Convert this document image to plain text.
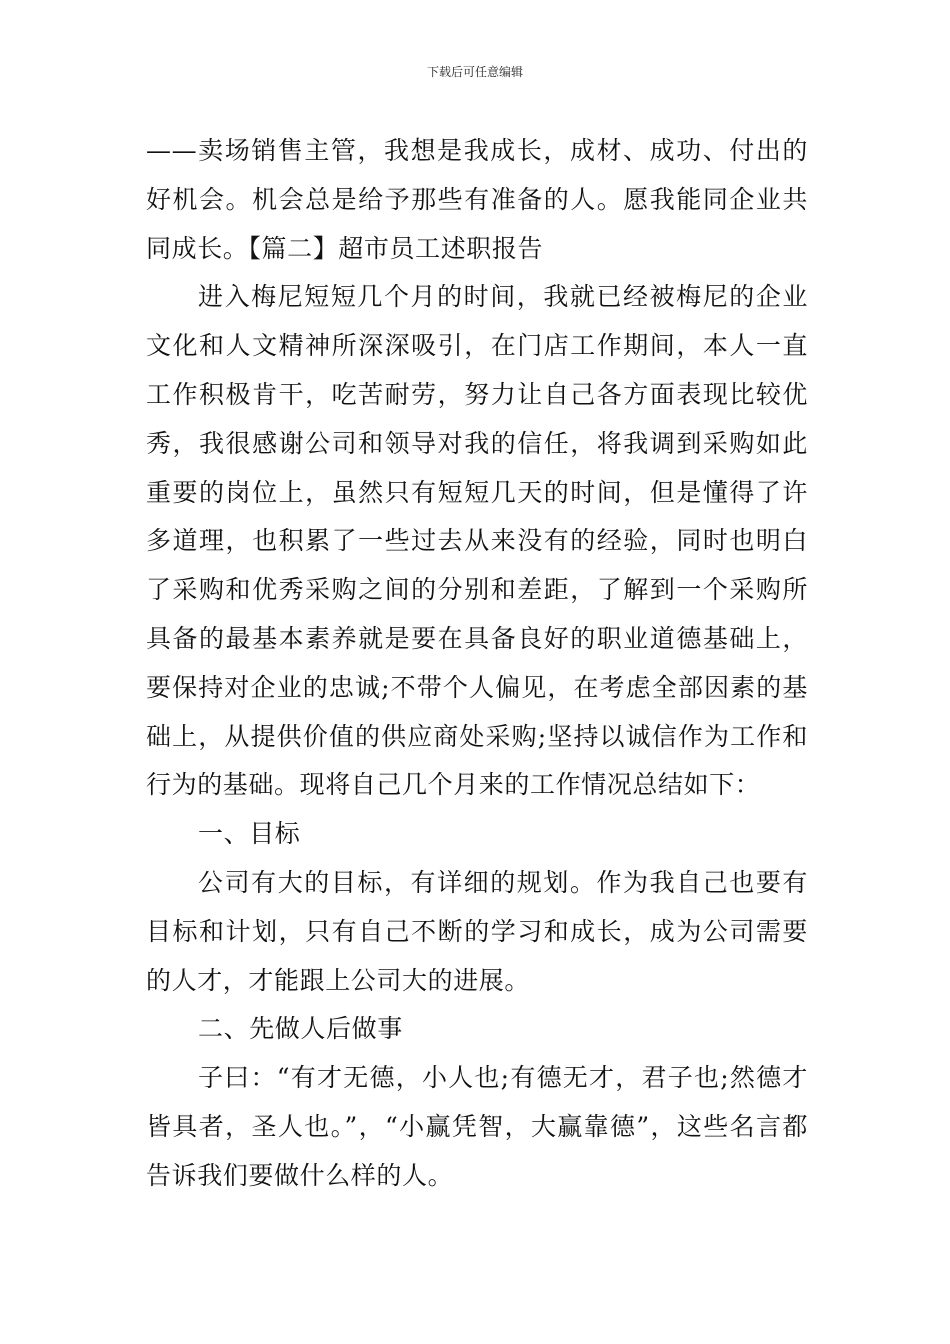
下载后可任意编辑

——卖场销售主管，我想是我成长，成材、成功、付出的好机会。机会总是给予那些有准备的人。愿我能同企业共同成长。【篇二】超市员工述职报告

进入梅尼短短几个月的时间，我就已经被梅尼的企业文化和人文精神所深深吸引，在门店工作期间，本人一直工作积极肯干，吃苦耐劳，努力让自己各方面表现比较优秀，我很感谢公司和领导对我的信任，将我调到采购如此重要的岗位上，虽然只有短短几天的时间，但是懂得了许多道理，也积累了一些过去从来没有的经验，同时也明白了采购和优秀采购之间的分别和差距，了解到一个采购所具备的最基本素养就是要在具备良好的职业道德基础上，要保持对企业的忠诚;不带个人偏见，在考虑全部因素的基础上，从提供价值的供应商处采购;坚持以诚信作为工作和行为的基础。现将自己几个月来的工作情况总结如下：

一、目标

公司有大的目标，有详细的规划。作为我自己也要有目标和计划，只有自己不断的学习和成长，成为公司需要的人才，才能跟上公司大的进展。

二、先做人后做事

子曰：“有才无德，小人也;有德无才，君子也;然德才皆具者，圣人也。”，“小赢凭智，大赢靠德”，这些名言都告诉我们要做什么样的人。
